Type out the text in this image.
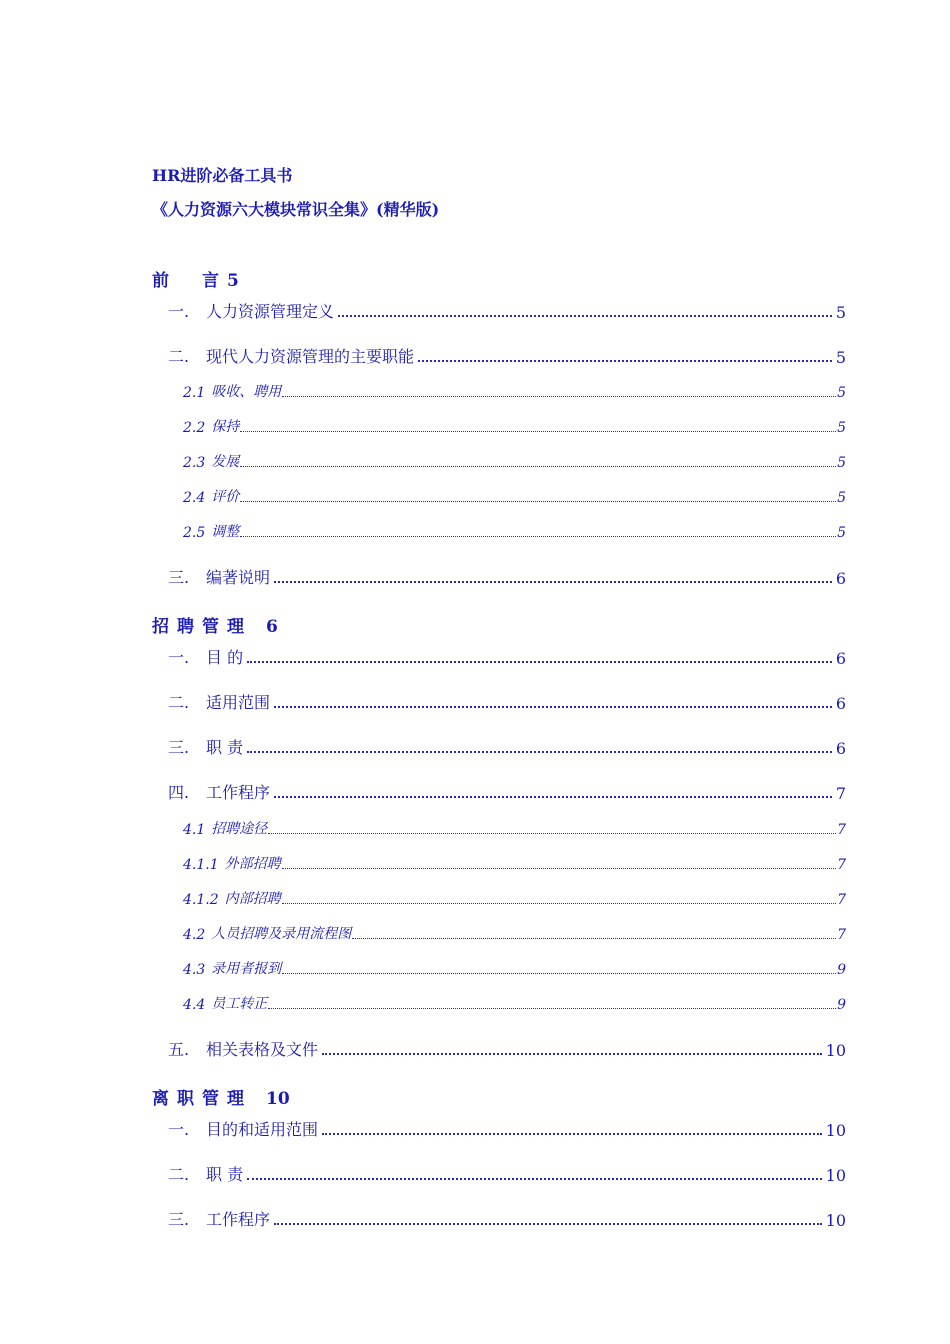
HR进阶必备工具书
《人力资源六大模块常识全集》(精华版)
前　言5
一.	人力资源管理定义	5
二.	现代人力资源管理的主要职能	5
2.1 吸收、聘用	5
2.2 保持	5
2.3 发展	5
2.4 评价	5
2.5 调整	5
三.	编著说明	6
招聘管理 6
一.	目 的	6
二.	适用范围	6
三.	职 责	6
四.	工作程序	7
4.1 招聘途径	7
4.1.1 外部招聘	7
4.1.2 内部招聘	7
4.2 人员招聘及录用流程图	7
4.3 录用者报到	9
4.4 员工转正	9
五.	相关表格及文件	10
离职管理 10
一.	目的和适用范围	10
二.	职 责	10
三.	工作程序	10
